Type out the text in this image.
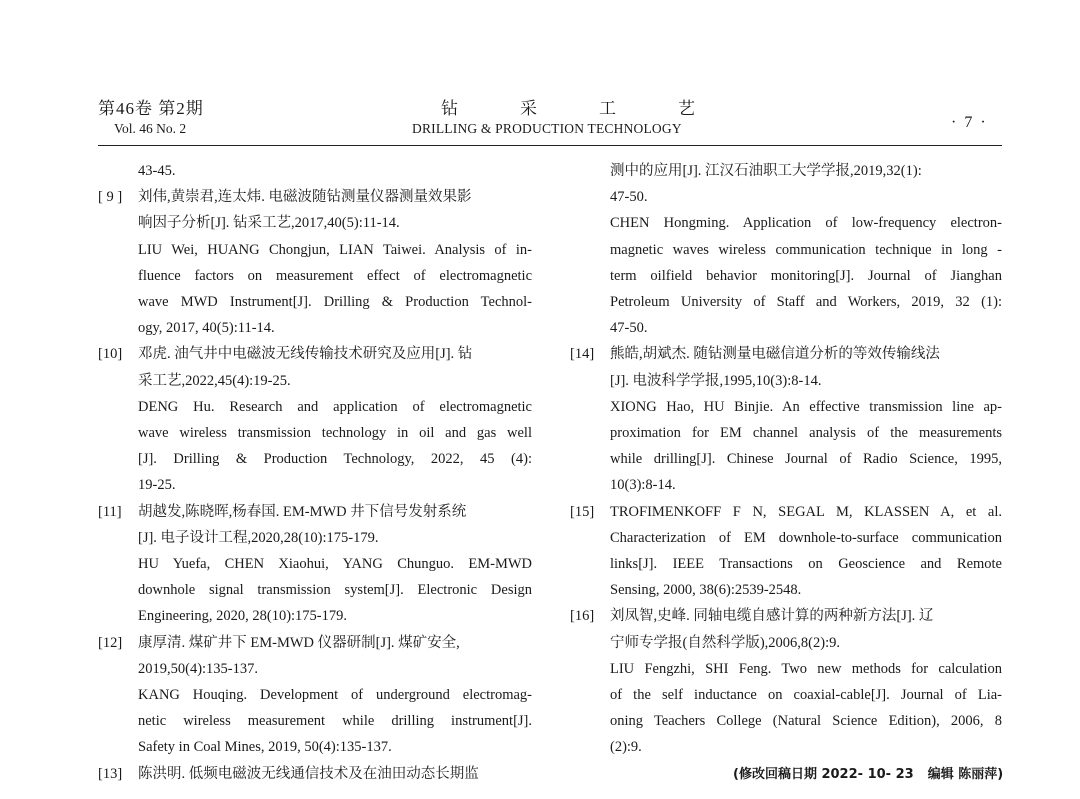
第46卷 第2期
Vol. 46 No. 2
钻	采	工	艺
DRILLING & PRODUCTION TECHNOLOGY	· 7 ·
43-45.
[ 9 ] 刘伟,黄崇君,连太炜. 电磁波随钻测量仪器测量效果影
响因子分析[J]. 钻采工艺,2017,40(5):11-14.
LIU Wei, HUANG Chongjun, LIAN Taiwei. Analysis of in-
fluence factors on measurement effect of electromagnetic
wave MWD Instrument[J]. Drilling & Production Technol-
ogy, 2017, 40(5):11-14.
[10] 邓虎. 油气井中电磁波无线传输技术研究及应用[J]. 钻
采工艺,2022,45(4):19-25.
DENG Hu. Research and application of electromagnetic
wave wireless transmission technology in oil and gas well
[J]. Drilling & Production Technology, 2022, 45 (4):
19-25.
[11] 胡越发,陈晓晖,杨春国. EM-MWD 井下信号发射系统
[J]. 电子设计工程,2020,28(10):175-179.
HU Yuefa, CHEN Xiaohui, YANG Chunguo. EM-MWD
downhole signal transmission system[J]. Electronic Design
Engineering, 2020, 28(10):175-179.
[12] 康厚清. 煤矿井下 EM-MWD 仪器研制[J]. 煤矿安全,
2019,50(4):135-137.
KANG Houqing. Development of underground electromag-
netic wireless measurement while drilling instrument[J].
Safety in Coal Mines, 2019, 50(4):135-137.
[13] 陈洪明. 低频电磁波无线通信技术及在油田动态长期监
测中的应用[J]. 江汉石油职工大学学报,2019,32(1):
47-50.
CHEN Hongming. Application of low-frequency electron-
magnetic waves wireless communication technique in long -
term oilfield behavior monitoring[J]. Journal of Jianghan
Petroleum University of Staff and Workers, 2019, 32 (1):
47-50.
[14] 熊皓,胡斌杰. 随钻测量电磁信道分析的等效传输线法
[J]. 电波科学学报,1995,10(3):8-14.
XIONG Hao, HU Binjie. An effective transmission line ap-
proximation for EM channel analysis of the measurements
while drilling[J]. Chinese Journal of Radio Science, 1995,
10(3):8-14.
[15] TROFIMENKOFF F N, SEGAL M, KLASSEN A, et al.
Characterization of EM downhole-to-surface communication
links[J]. IEEE Transactions on Geoscience and Remote
Sensing, 2000, 38(6):2539-2548.
[16] 刘凤智,史峰. 同轴电缆自感计算的两种新方法[J]. 辽
宁师专学报(自然科学版),2006,8(2):9.
LIU Fengzhi, SHI Feng. Two new methods for calculation
of the self inductance on coaxial-cable[J]. Journal of Lia-
oning Teachers College (Natural Science Edition), 2006, 8
(2):9.
(修改回稿日期 2022- 10- 23 编辑 陈丽萍)
